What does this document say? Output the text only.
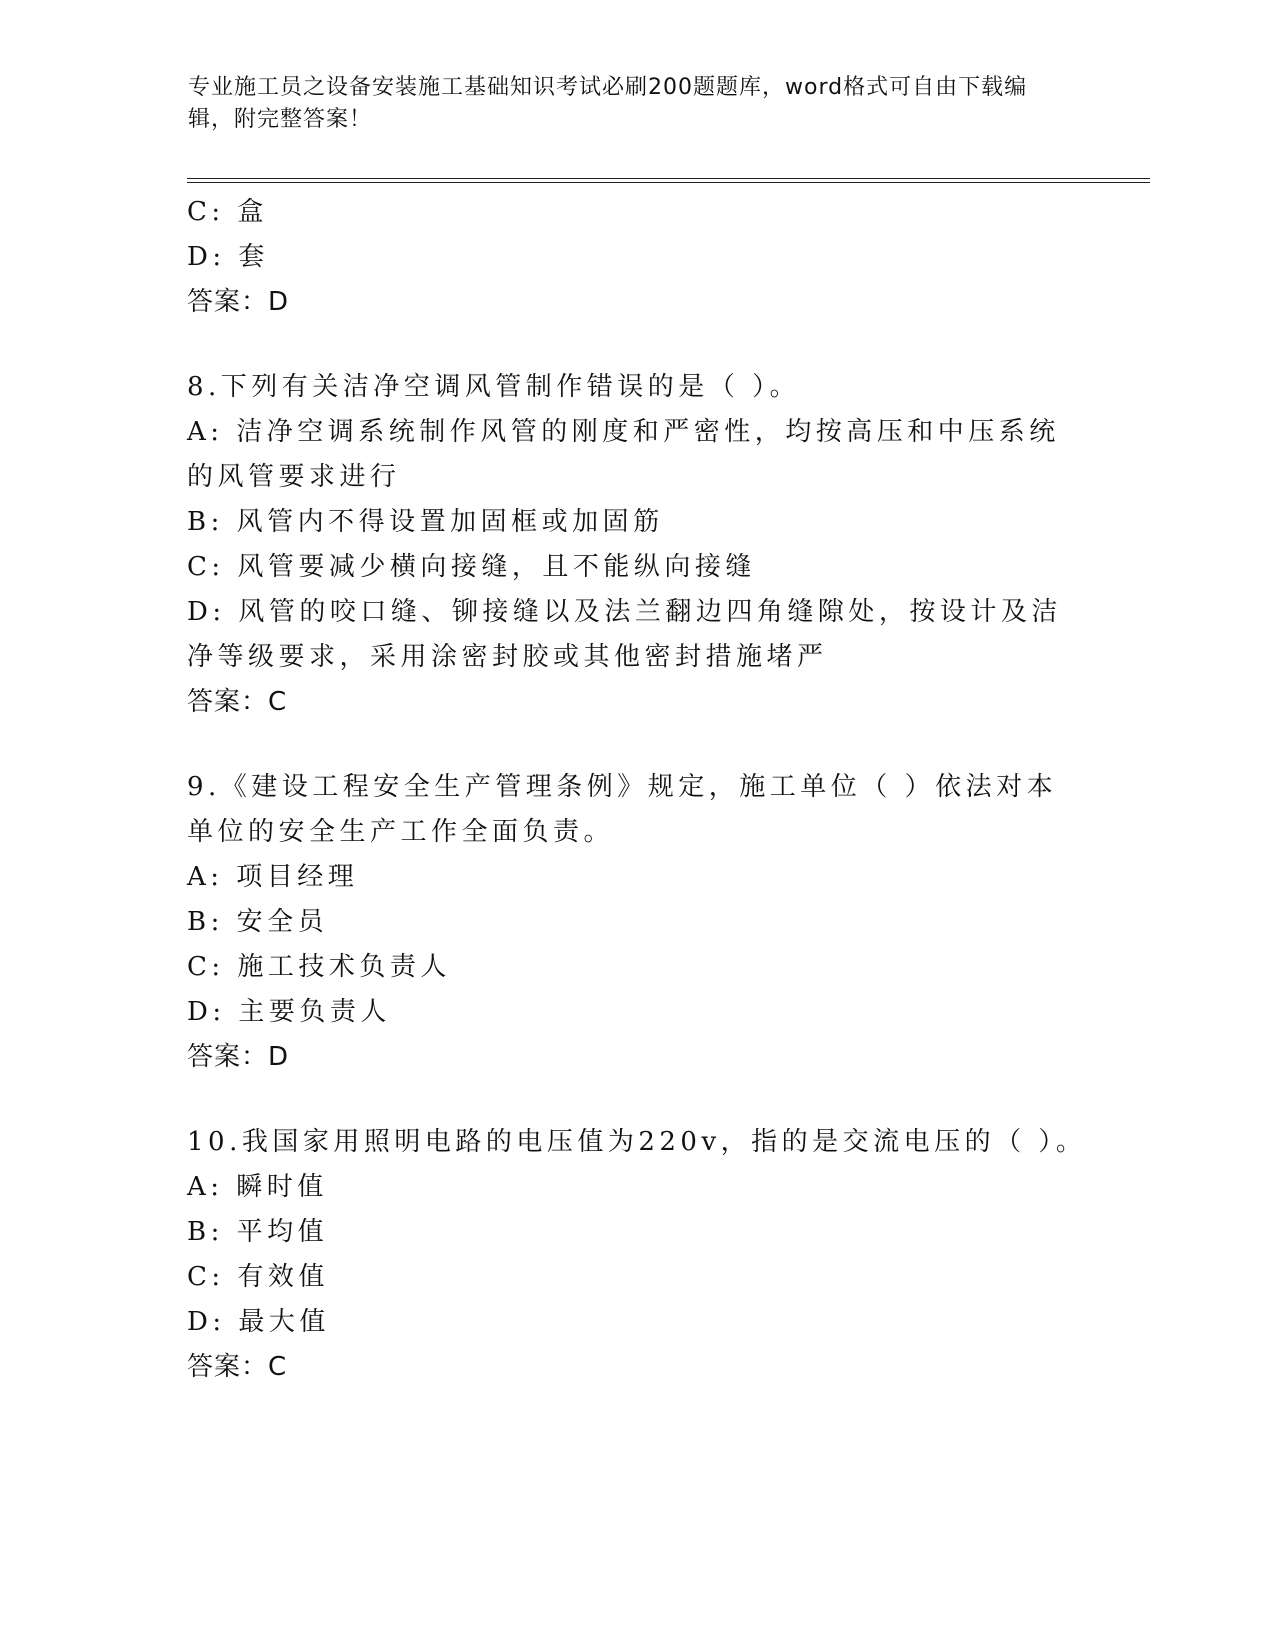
专业施工员之设备安装施工基础知识考试必刷200题题库，word格式可自由下载编辑，附完整答案！
C: 盒
D: 套
答案：D
8.下列有关洁净空调风管制作错误的是（ ）。
A: 洁净空调系统制作风管的刚度和严密性，均按高压和中压系统的风管要求进行
B: 风管内不得设置加固框或加固筋
C: 风管要减少横向接缝，且不能纵向接缝
D: 风管的咬口缝、铆接缝以及法兰翻边四角缝隙处，按设计及洁净等级要求，采用涂密封胶或其他密封措施堵严
答案：C
9.《建设工程安全生产管理条例》规定，施工单位（ ）依法对本单位的安全生产工作全面负责。
A: 项目经理
B: 安全员
C: 施工技术负责人
D: 主要负责人
答案：D
10.我国家用照明电路的电压值为220v，指的是交流电压的（ ）。
A: 瞬时值
B: 平均值
C: 有效值
D: 最大值
答案：C
